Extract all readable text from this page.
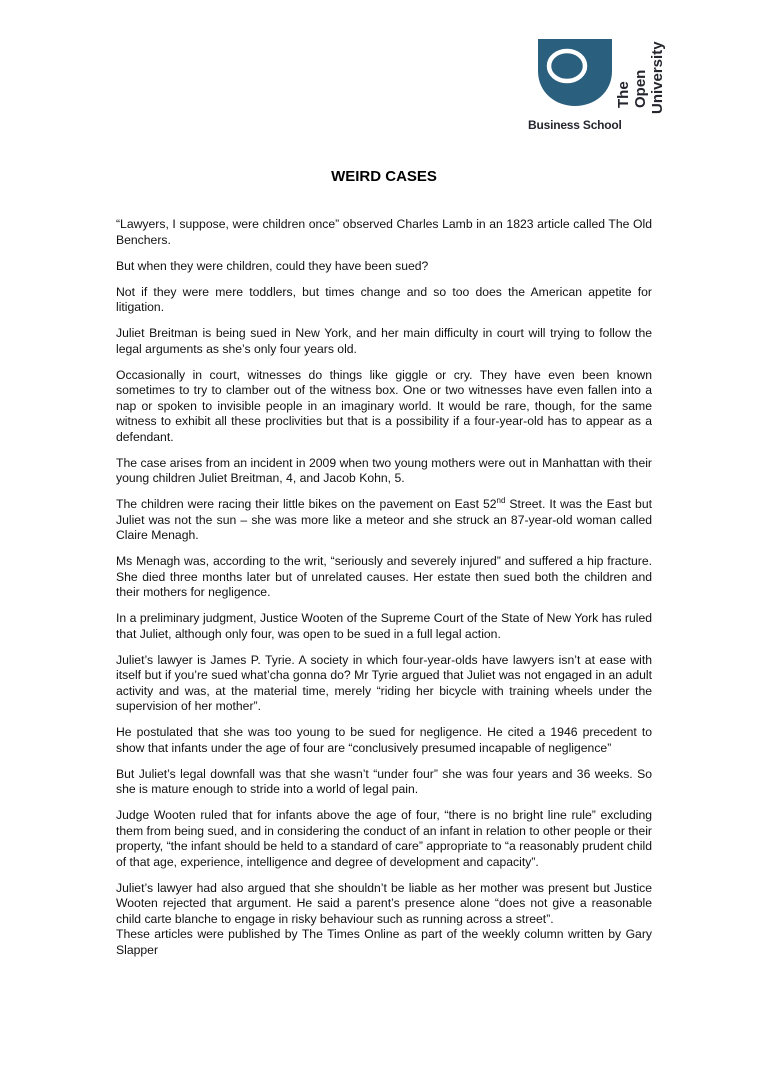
The Open University
Business School
WEIRD CASES

“Lawyers, I suppose, were children once” observed Charles Lamb in an 1823 article called The Old Benchers.

But when they were children, could they have been sued?

Not if they were mere toddlers, but times change and so too does the American appetite for litigation.

Juliet Breitman is being sued in New York, and her main difficulty in court will trying to follow the legal arguments as she’s only four years old.

Occasionally in court, witnesses do things like giggle or cry. They have even been known sometimes to try to clamber out of the witness box. One or two witnesses have even fallen into a nap or spoken to invisible people in an imaginary world. It would be rare, though, for the same witness to exhibit all these proclivities but that is a possibility if a four-year-old has to appear as a defendant.

The case arises from an incident in 2009 when two young mothers were out in Manhattan with their young children Juliet Breitman, 4, and Jacob Kohn, 5.

The children were racing their little bikes on the pavement on East 52nd Street. It was the East but Juliet was not the sun – she was more like a meteor and she struck an 87-year-old woman called Claire Menagh.

Ms Menagh was, according to the writ, “seriously and severely injured” and suffered a hip fracture. She died three months later but of unrelated causes. Her estate then sued both the children and their mothers for negligence.

In a preliminary judgment, Justice Wooten of the Supreme Court of the State of New York has ruled that Juliet, although only four, was open to be sued in a full legal action.

Juliet’s lawyer is James P. Tyrie. A society in which four-year-olds have lawyers isn’t at ease with itself but if you’re sued what’cha gonna do? Mr Tyrie argued that Juliet was not engaged in an adult activity and was, at the material time, merely “riding her bicycle with training wheels under the supervision of her mother”.

He postulated that she was too young to be sued for negligence. He cited a 1946 precedent to show that infants under the age of four are “conclusively presumed incapable of negligence”

But Juliet’s legal downfall was that she wasn’t “under four” she was four years and 36 weeks. So she is mature enough to stride into a world of legal pain.

Judge Wooten ruled that for infants above the age of four, “there is no bright line rule” excluding them from being sued, and in considering the conduct of an infant in relation to other people or their property, “the infant should be held to a standard of care” appropriate to “a reasonably prudent child of that age, experience, intelligence and degree of development and capacity”.

Juliet’s lawyer had also argued that she shouldn’t be liable as her mother was present but Justice Wooten rejected that argument. He said a parent’s presence alone “does not give a reasonable child carte blanche to engage in risky behaviour such as running across a street”.

These articles were published by The Times Online as part of the weekly column written by Gary Slapper
